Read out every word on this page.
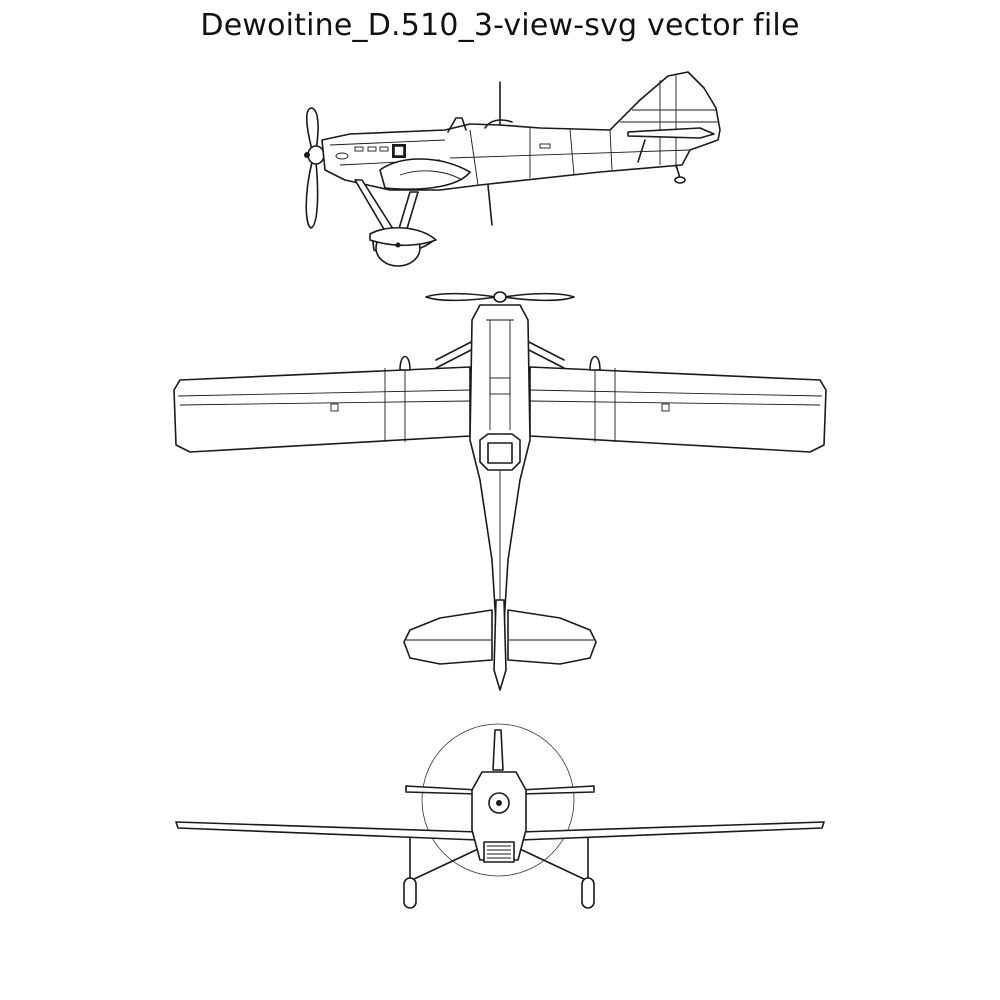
Dewoitine_D.510_3-view-svg vector file
